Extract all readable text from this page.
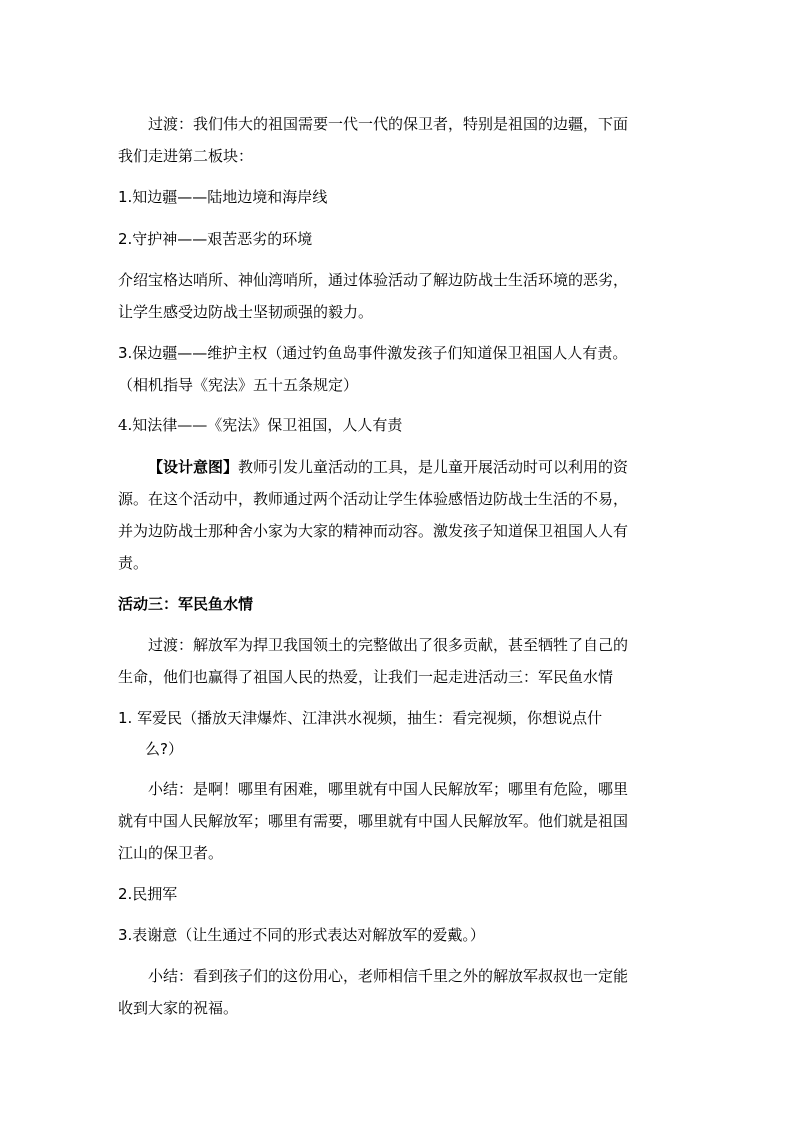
过渡：我们伟大的祖国需要一代一代的保卫者，特别是祖国的边疆，下面
我们走进第二板块：
1.知边疆——陆地边境和海岸线
2.守护神——艰苦恶劣的环境
介绍宝格达哨所、神仙湾哨所，通过体验活动了解边防战士生活环境的恶劣，
让学生感受边防战士坚韧顽强的毅力。
3.保边疆——维护主权（通过钓鱼岛事件激发孩子们知道保卫祖国人人有责。
（相机指导《宪法》五十五条规定）
4.知法律——《宪法》保卫祖国，人人有责
【设计意图】教师引发儿童活动的工具，是儿童开展活动时可以利用的资
源。在这个活动中，教师通过两个活动让学生体验感悟边防战士生活的不易，
并为边防战士那种舍小家为大家的精神而动容。激发孩子知道保卫祖国人人有
责。
活动三：军民鱼水情
过渡：解放军为捍卫我国领土的完整做出了很多贡献，甚至牺牲了自己的
生命，他们也赢得了祖国人民的热爱，让我们一起走进活动三：军民鱼水情
1. 军爱民（播放天津爆炸、江津洪水视频，抽生：看完视频，你想说点什
么?）
小结：是啊！哪里有困难，哪里就有中国人民解放军；哪里有危险，哪里
就有中国人民解放军；哪里有需要，哪里就有中国人民解放军。他们就是祖国
江山的保卫者。
2.民拥军
3.表谢意（让生通过不同的形式表达对解放军的爱戴。）
小结：看到孩子们的这份用心，老师相信千里之外的解放军叔叔也一定能
收到大家的祝福。
